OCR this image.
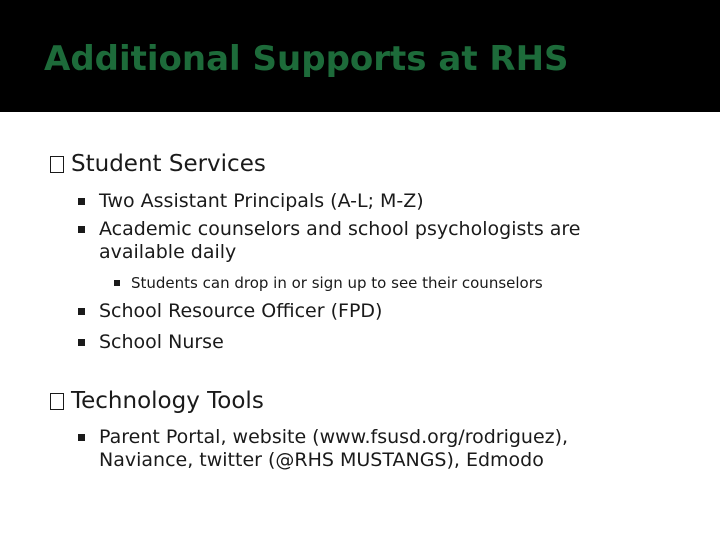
Additional Supports at RHS
Student Services
Two Assistant Principals (A-L; M-Z)
Academic counselors and school psychologists are
available daily
Students can drop in or sign up to see their counselors
School Resource Officer (FPD)
School Nurse
Technology Tools
Parent Portal, website (www.fsusd.org/rodriguez),
Naviance, twitter (@RHS MUSTANGS), Edmodo
